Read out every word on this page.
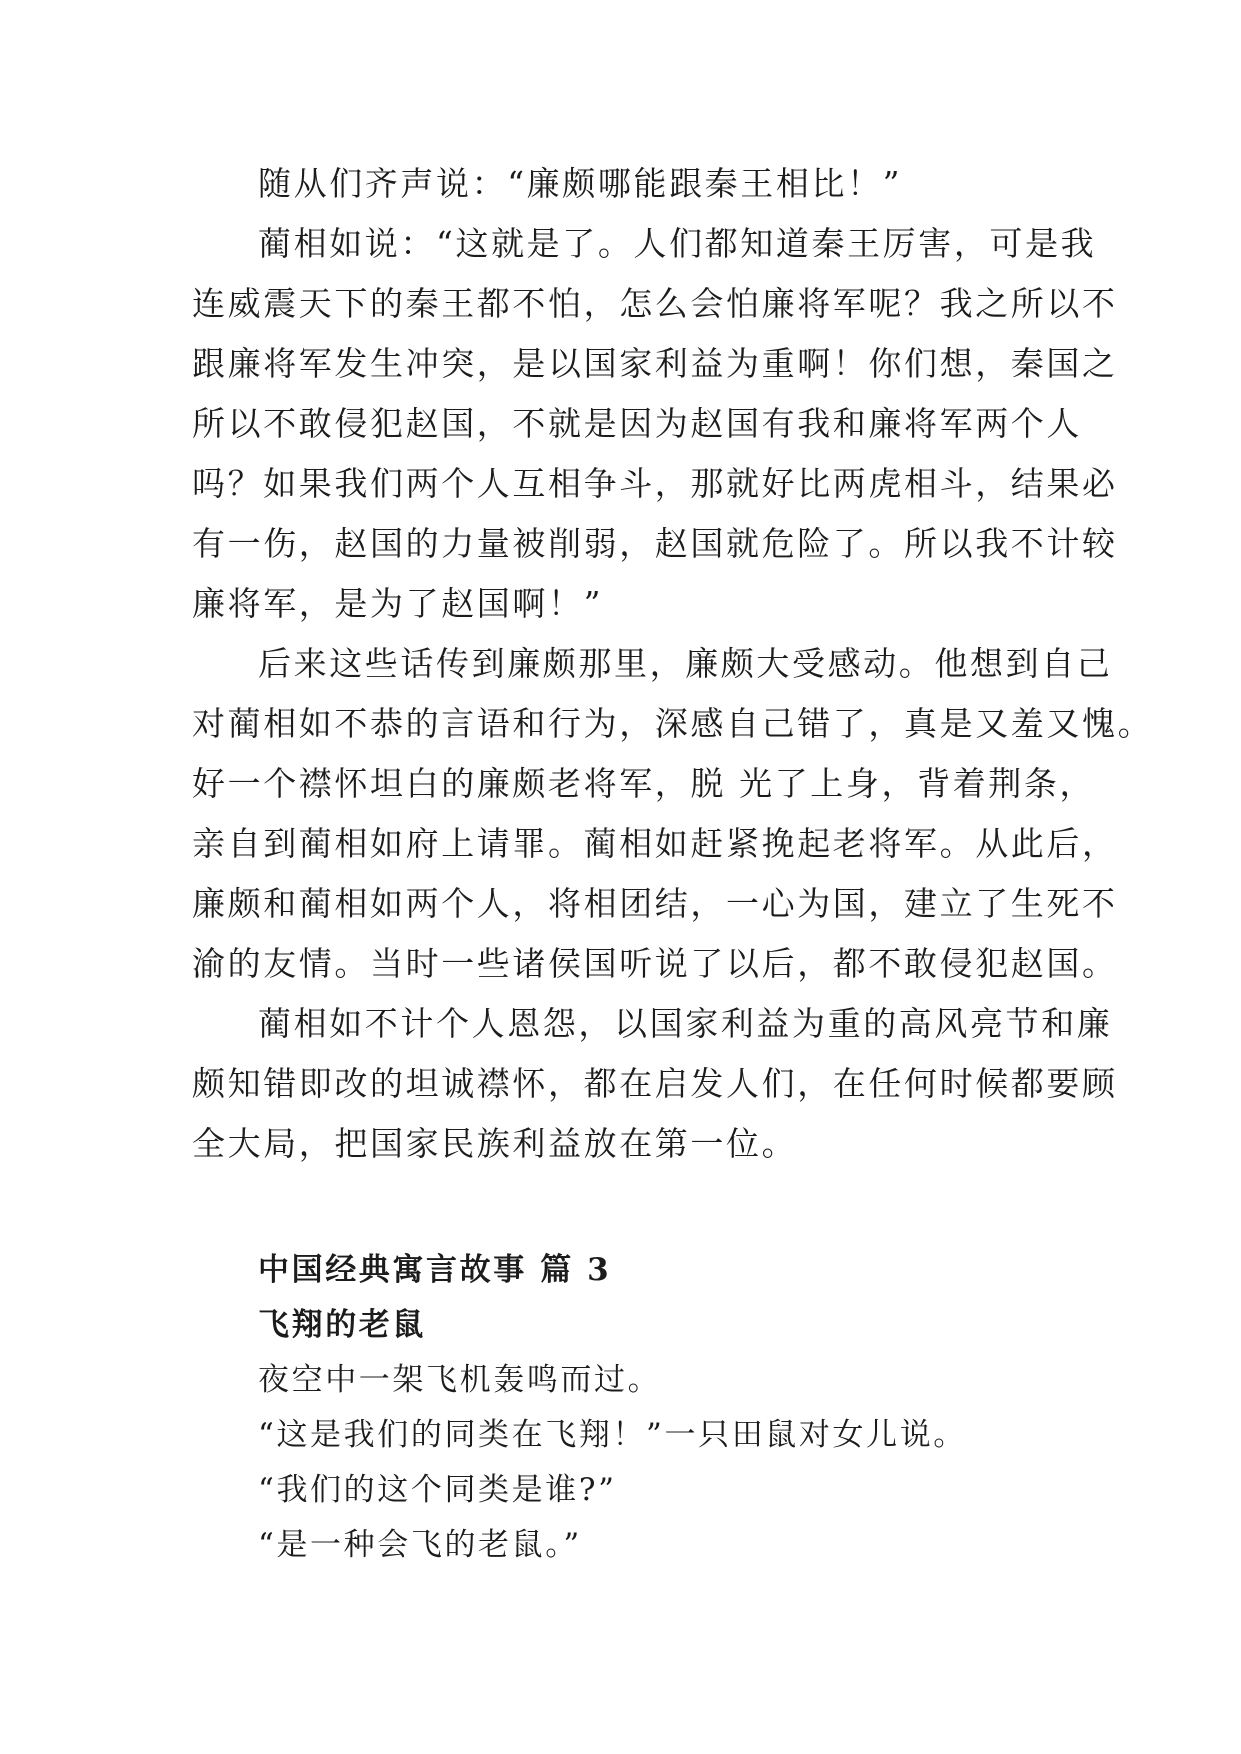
随从们齐声说：“廉颇哪能跟秦王相比！”

蔺相如说：“这就是了。人们都知道秦王厉害，可是我

连威震天下的秦王都不怕，怎么会怕廉将军呢？我之所以不

跟廉将军发生冲突，是以国家利益为重啊！你们想，秦国之

所以不敢侵犯赵国，不就是因为赵国有我和廉将军两个人

吗？如果我们两个人互相争斗，那就好比两虎相斗，结果必

有一伤，赵国的力量被削弱，赵国就危险了。所以我不计较

廉将军，是为了赵国啊！”

后来这些话传到廉颇那里，廉颇大受感动。他想到自己

对蔺相如不恭的言语和行为，深感自己错了，真是又羞又愧。

好一个襟怀坦白的廉颇老将军，脱 光了上身，背着荆条，

亲自到蔺相如府上请罪。蔺相如赶紧挽起老将军。从此后，

廉颇和蔺相如两个人，将相团结，一心为国，建立了生死不

渝的友情。当时一些诸侯国听说了以后，都不敢侵犯赵国。

蔺相如不计个人恩怨，以国家利益为重的高风亮节和廉

颇知错即改的坦诚襟怀，都在启发人们，在任何时候都要顾

全大局，把国家民族利益放在第一位。

中国经典寓言故事 篇 3
飞翔的老鼠

夜空中一架飞机轰鸣而过。

“这是我们的同类在飞翔！”一只田鼠对女儿说。

“我们的这个同类是谁?”

“是一种会飞的老鼠。”
